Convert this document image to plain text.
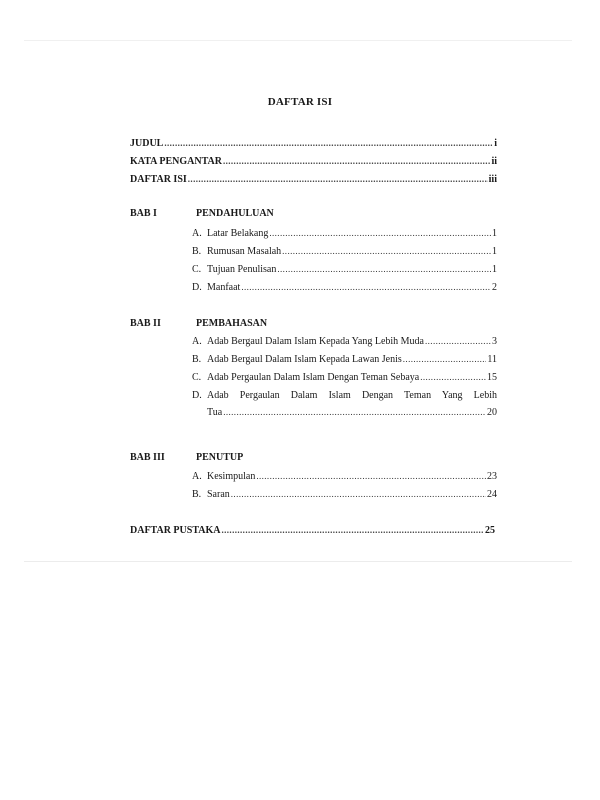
DAFTAR ISI
JUDUL .....	i
KATA PENGANTAR .....	ii
DAFTAR ISI .....	iii
BAB I	PENDAHULUAN
A. Latar Belakang .....	1
B. Rumusan Masalah .....	1
C. Tujuan Penulisan .....	1
D. Manfaat .....	2
BAB II	PEMBAHASAN
A. Adab Bergaul Dalam Islam Kepada Yang Lebih Muda .....	3
B. Adab Bergaul Dalam Islam Kepada Lawan Jenis .....	11
C. Adab Pergaulan Dalam Islam Dengan Teman Sebaya .....	15
D. Adab Pergaulan Dalam Islam Dengan Teman Yang Lebih
Tua .....	20
BAB III	PENUTUP
A. Kesimpulan .....	23
B. Saran .....	24
DAFTAR PUSTAKA .....	25
